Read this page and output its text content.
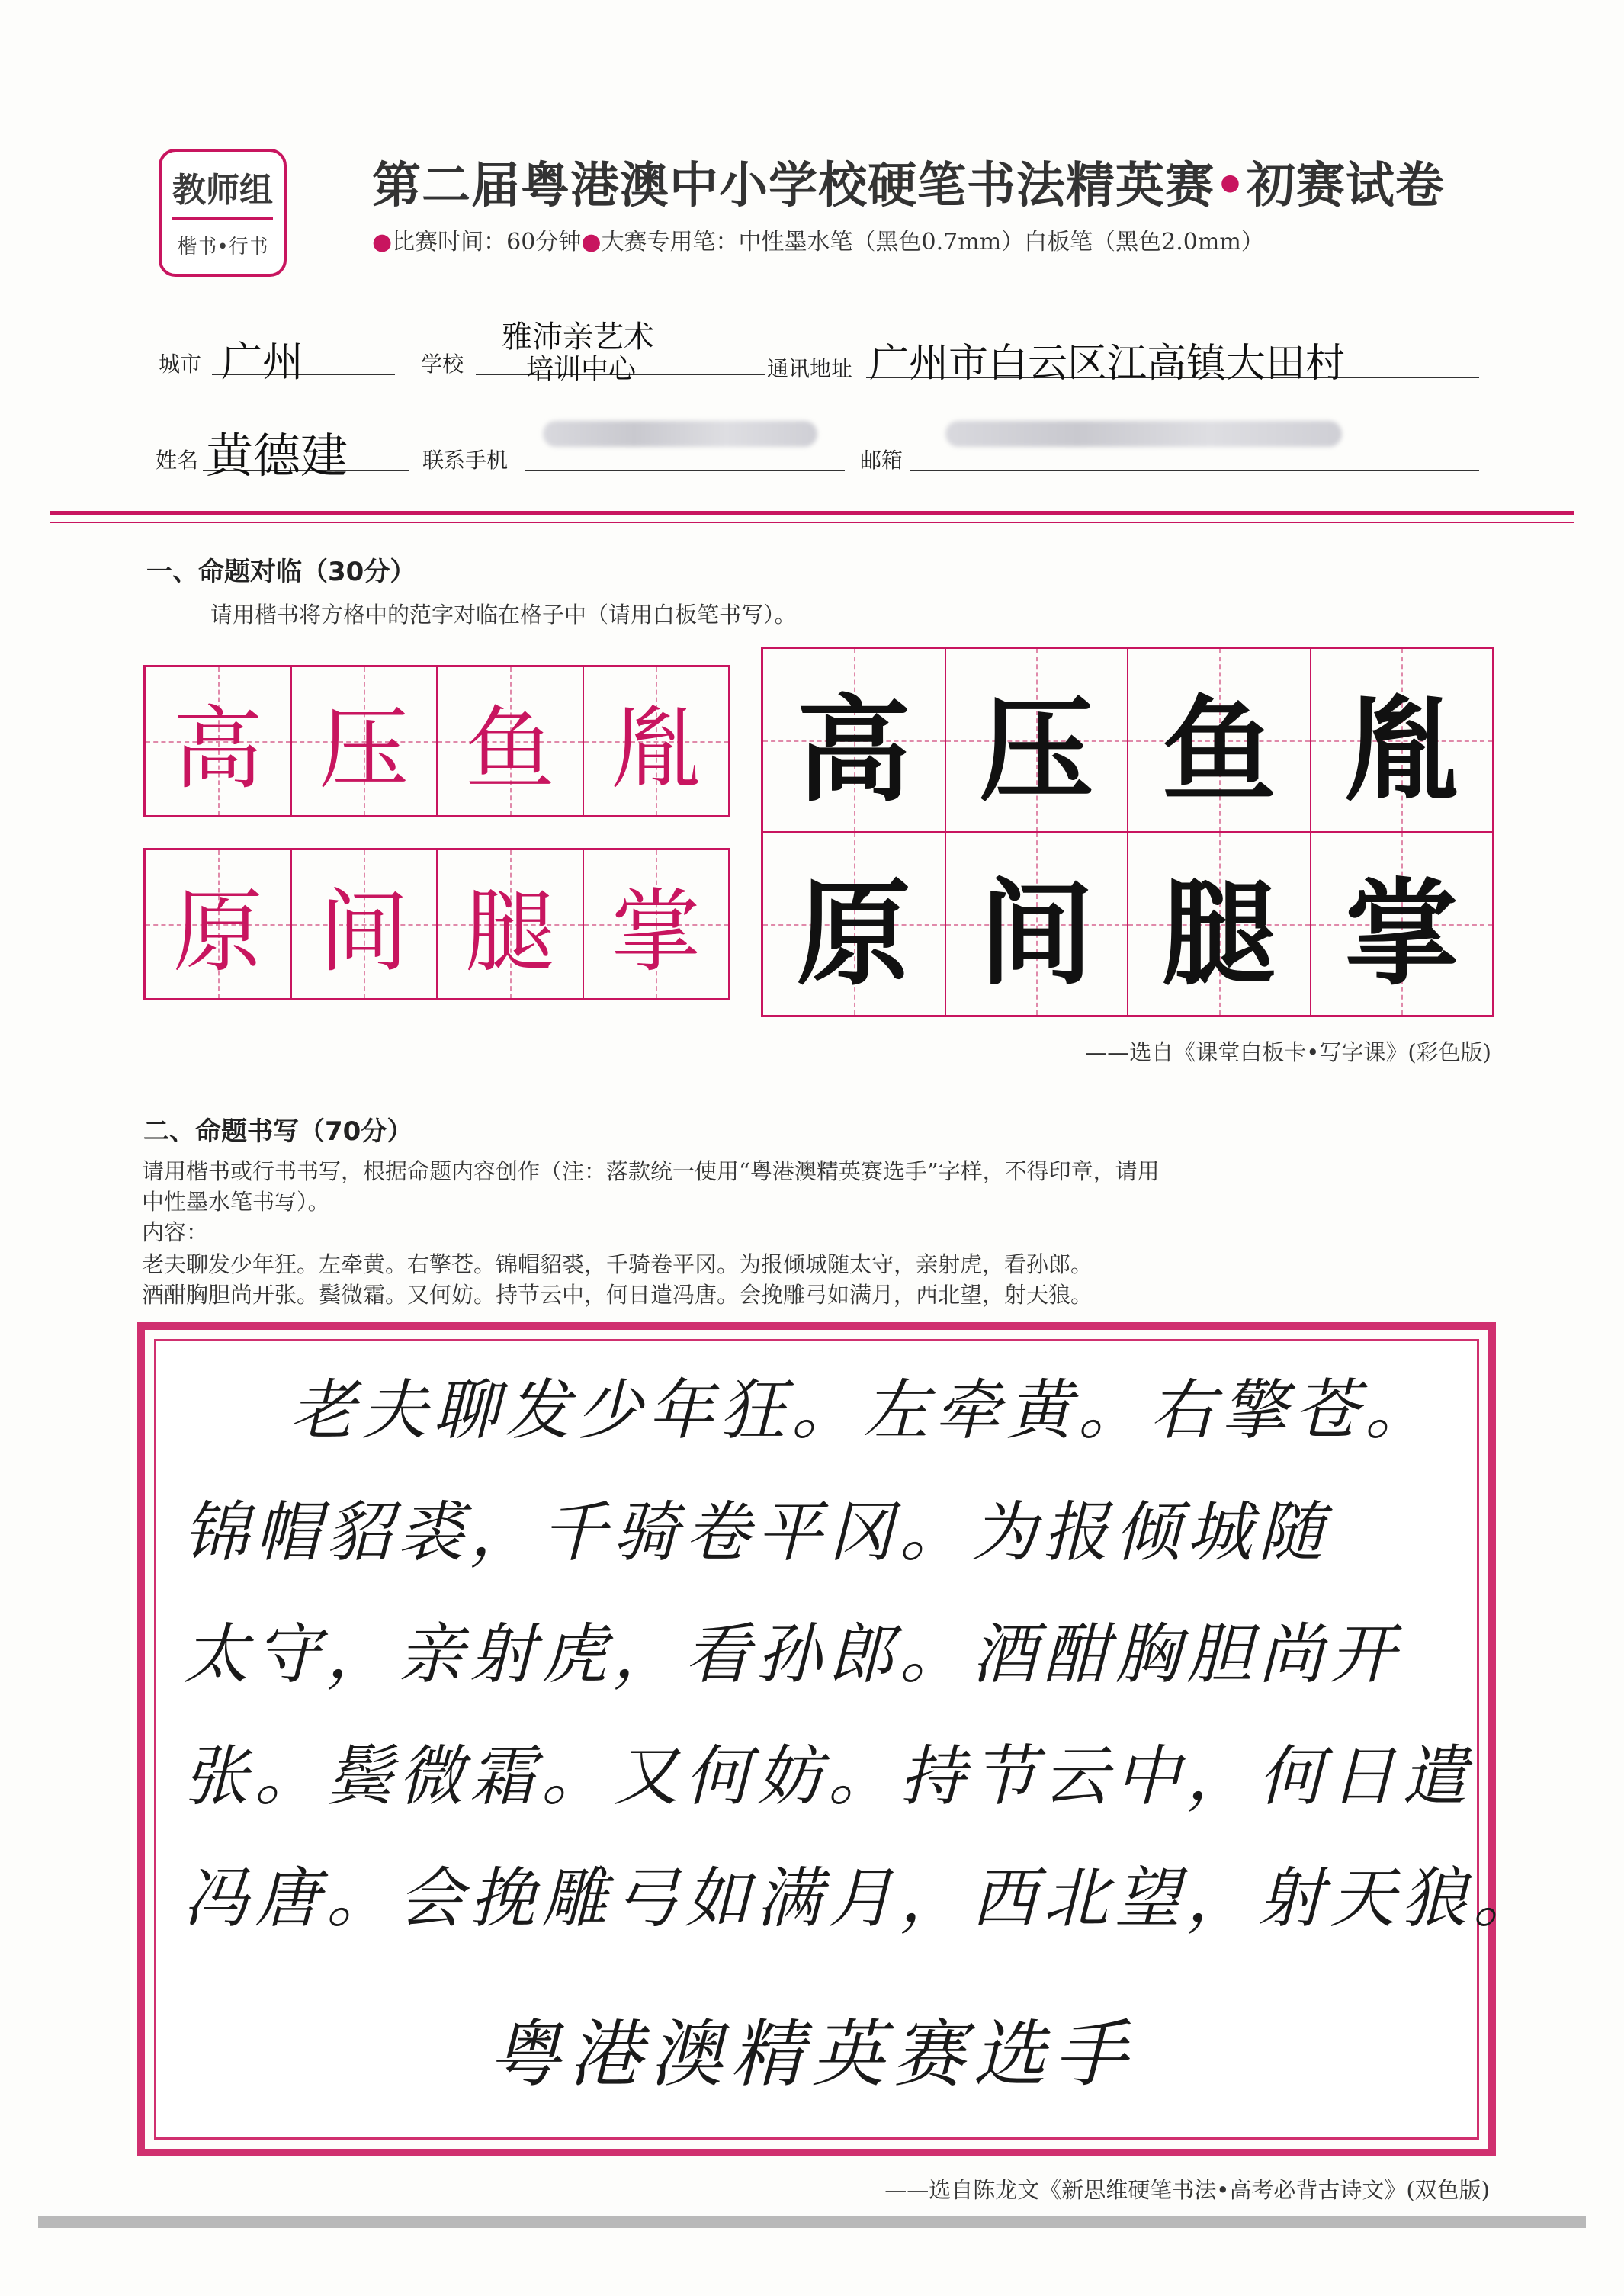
教师组
楷书•行书
第二届粤港澳中小学校硬笔书法精英赛•初赛试卷
●比赛时间：60分钟●大赛专用笔：中性墨水笔（黑色0.7mm）白板笔（黑色2.0mm）
城市 广州	学校
雅沛亲艺术
培训中心	通讯地址 广州市白云区江高镇大田村
姓名 黄德建	联系手机	邮箱
一、命题对临（30分）
请用楷书将方格中的范字对临在格子中（请用白板笔书写）。
高 压 鱼 胤
原 间 腿 掌
高 压 鱼 胤
原 间 腿 掌
——选自《课堂白板卡•写字课》(彩色版)
二、命题书写（70分）
请用楷书或行书书写，根据命题内容创作（注：落款统一使用“粤港澳精英赛选手”字样，不得印章，请用
中性墨水笔书写）。
内容：
老夫聊发少年狂。左牵黄。右擎苍。锦帽貂裘，千骑卷平冈。为报倾城随太守，亲射虎，看孙郎。
酒酣胸胆尚开张。鬓微霜。又何妨。持节云中，何日遣冯唐。会挽雕弓如满月，西北望，射天狼。
老夫聊发少年狂。左牵黄。右擎苍。
锦帽貂裘，千骑卷平冈。为报倾城随
太守，亲射虎，看孙郎。酒酣胸胆尚开
张。鬓微霜。又何妨。持节云中，何日遣
冯唐。会挽雕弓如满月，西北望，射天狼。
粤港澳精英赛选手
——选自陈龙文《新思维硬笔书法•高考必背古诗文》(双色版)
